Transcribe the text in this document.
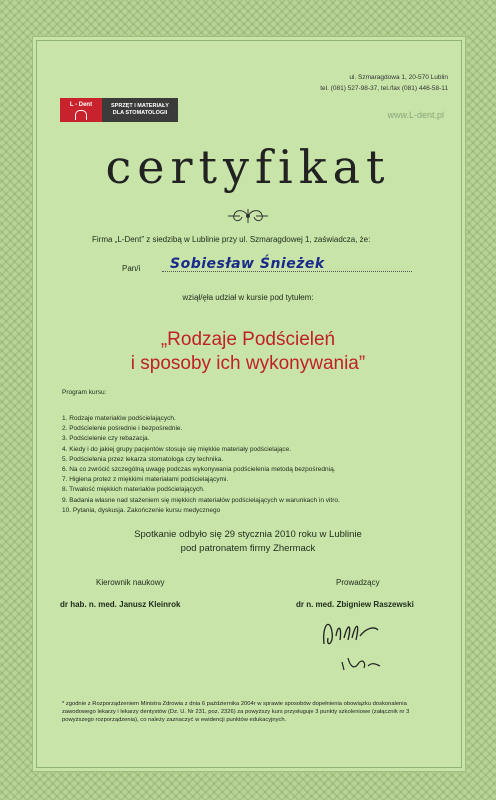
ul. Szmaragdowa 1, 20-570 Lublin
tel. (081) 527-98-37, tel./fax (081) 446-58-11
L - Dent	SPRZĘT I MATERIAŁY
DLA STOMATOLOGII	www.L-dent.pl
certyfikat
Firma „L-Dent” z siedzibą w Lublinie przy ul. Szmaragdowej 1, zaświadcza, że:
Pan/i Sobiesław Śnieżek
wziął/ęła udział w kursie pod tytułem:
„Rodzaje Podścieleń
i sposoby ich wykonywania”
Program kursu:
1. Rodzaje materiałów podścielających.
2. Podścielenie pośrednie i bezpośrednie.
3. Podścielenie czy rebazacja.
4. Kiedy i do jakiej grupy pacjentów stosuje się miękkie materiały podścielające.
5. Podścielenia przez lekarza stomatologa czy technika.
6. Na co zwrócić szczególną uwagę podczas wykonywania podścielenia metodą bezpośrednią.
7. Higiena protez z miękkimi materiałami podścielającymi.
8. Trwałość miękkich materiałów podścielających.
9. Badania własne nad stażeniem się miękkich materiałów podścielających w warunkach in vitro.
10. Pytania, dyskusja. Zakończenie kursu medycznego
Spotkanie odbyło się 29 stycznia 2010 roku w Lublinie
pod patronatem firmy Zhermack
Kierownik naukowy	Prowadzący
dr hab. n. med. Janusz Kleinrok	dr n. med. Zbigniew Raszewski
* zgodnie z Rozporządzeniem Ministra Zdrowia z dnia 6 października 2004r w sprawie sposobów dopełnienia obowiązku doskonalenia zawodowego lekarzy i lekarzy dentystów (Dz. U. Nr 231, poz. 2326) za powyższy kurs przysługuje 3 punkty szkoleniowe (załącznik nr 3 powyższego rozporządzenia), co należy zaznaczyć w ewidencji punktów edukacyjnych.
